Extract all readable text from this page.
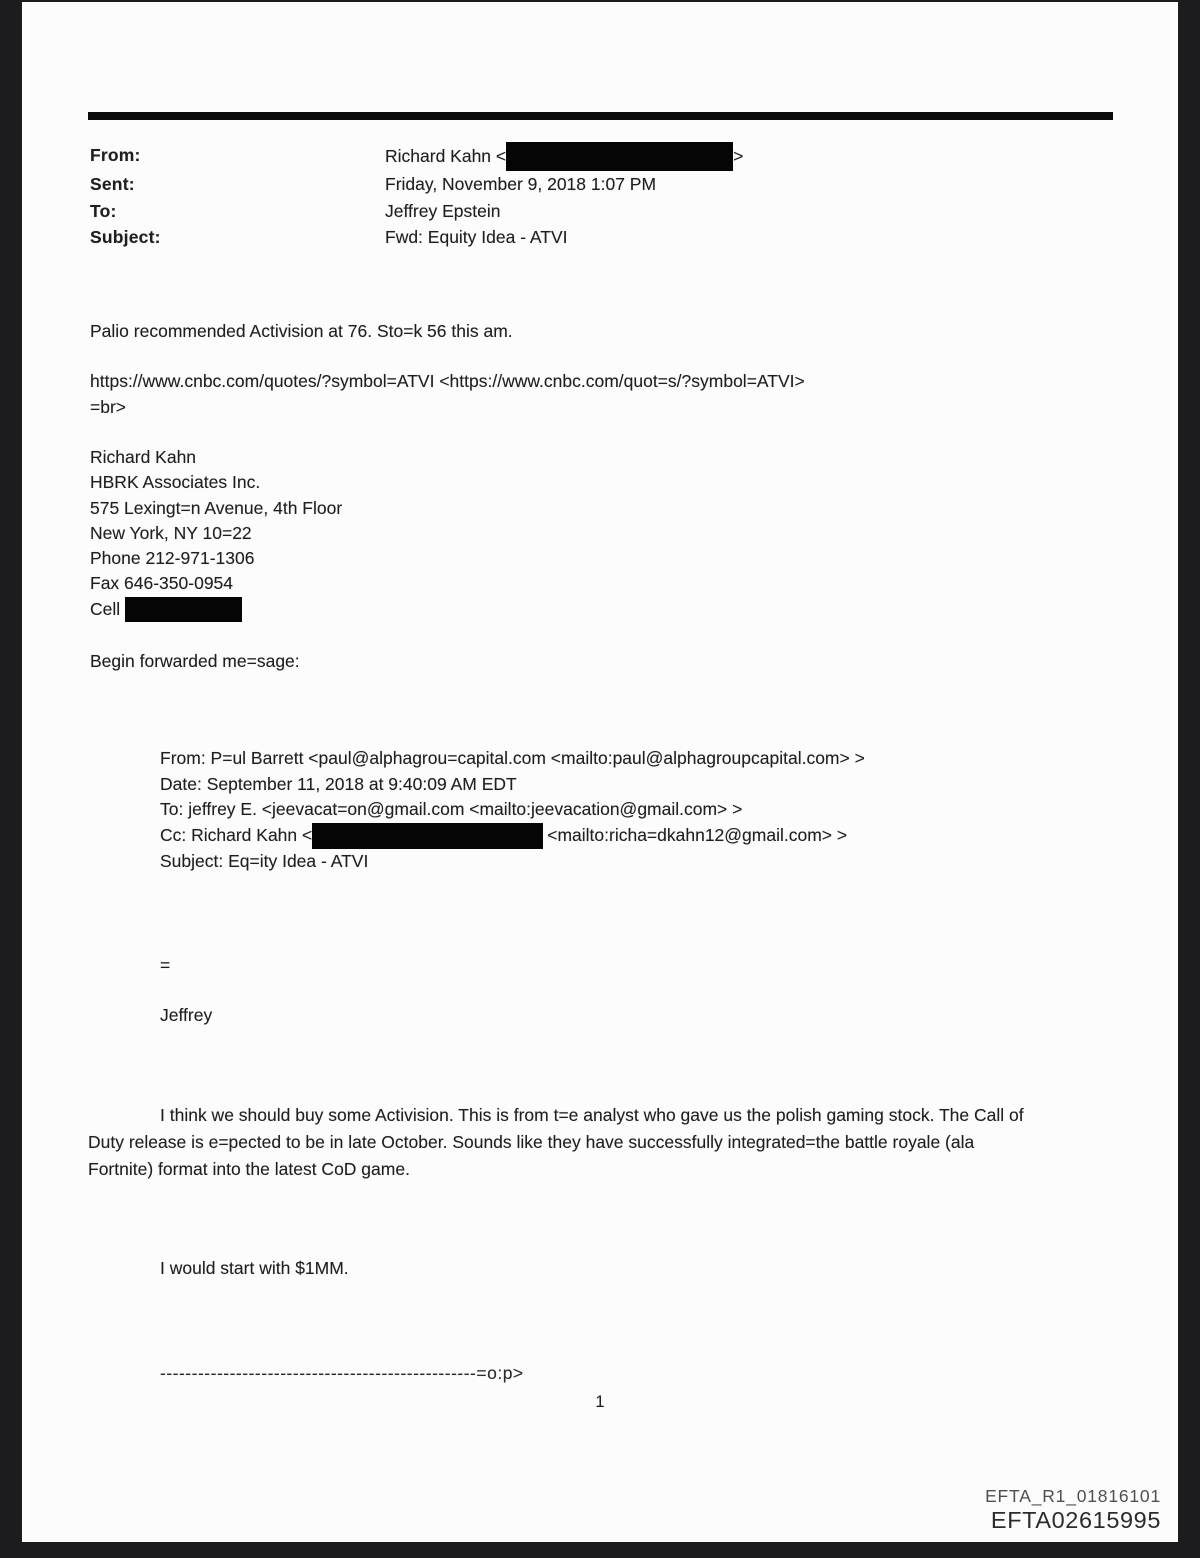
From:	Richard Kahn <	>
Sent:	Friday, November 9, 2018 1:07 PM
To:	Jeffrey Epstein
Subject:	Fwd: Equity Idea - ATVI
Palio recommended Activision at 76. Sto=k 56 this am.
https://www.cnbc.com/quotes/?symbol=ATVI <https://www.cnbc.com/quot=s/?symbol=ATVI>
=br>
Richard Kahn
HBRK Associates Inc.
575 Lexingt=n Avenue, 4th Floor
New York, NY 10=22
Phone 212-971-1306
Fax 646-350-0954
Cell
Begin forwarded me=sage:
From: P=ul Barrett <paul@alphagrou=capital.com <mailto:paul@alphagroupcapital.com> >
Date: September 11, 2018 at 9:40:09 AM EDT
To: jeffrey E. <jeevacat=on@gmail.com <mailto:jeevacation@gmail.com> >
Cc: Richard Kahn <	<mailto:richa=dkahn12@gmail.com> >
Subject: Eq=ity Idea - ATVI
=
Jeffrey
I think we should buy some Activision. This is from t=e analyst who gave us the polish gaming stock. The Call of
Duty release is e=pected to be in late October. Sounds like they have successfully integrated=the battle royale (ala
Fortnite) format into the latest CoD game.
I would start with $1MM.
--------------------------------------------------=o:p>
1
EFTA_R1_01816101
EFTA02615995
